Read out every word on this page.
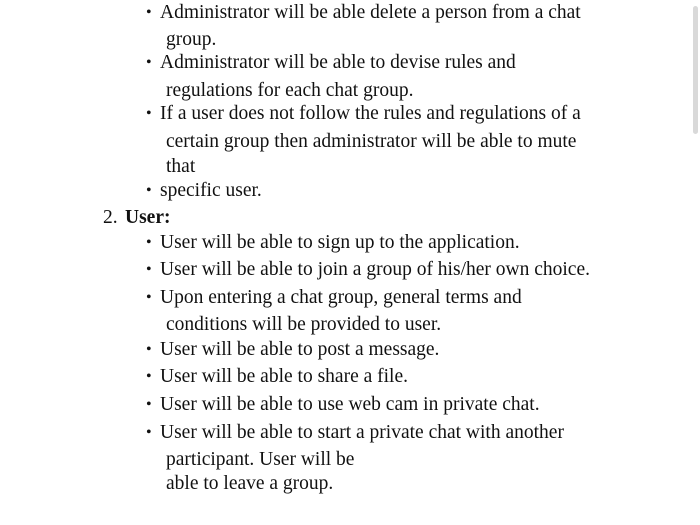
• Administrator will be able delete a person from a chat
group.
• Administrator will be able to devise rules and
regulations for each chat group.
• If a user does not follow the rules and regulations of a
certain group then administrator will be able to mute
that
• specific user.
2. User:
• User will be able to sign up to the application.
• User will be able to join a group of his/her own choice.
• Upon entering a chat group, general terms and
conditions will be provided to user.
• User will be able to post a message.
• User will be able to share a file.
• User will be able to use web cam in private chat.
• User will be able to start a private chat with another
participant. User will be
able to leave a group.
